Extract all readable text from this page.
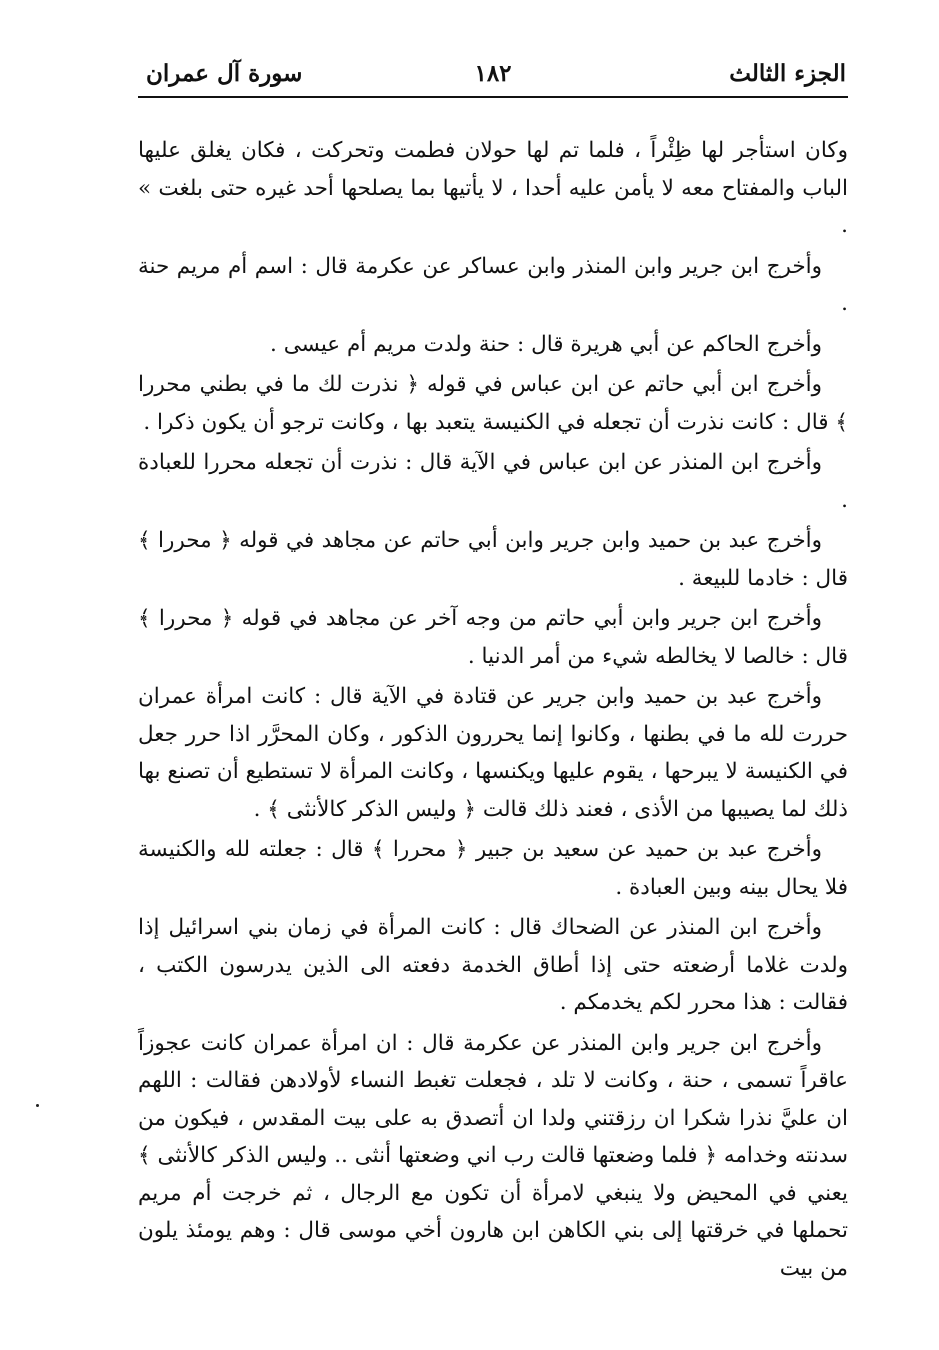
الجزء الثالث
١٨٢
سورة آل عمران

وكان استأجر لها ظِئْراً ، فلما تم لها حولان فطمت وتحركت ، فكان يغلق عليها الباب والمفتاح معه لا يأمن عليه أحدا ، لا يأتيها بما يصلحها أحد غيره حتى بلغت » .

وأخرج ابن جرير وابن المنذر وابن عساكر عن عكرمة قال : اسم أم مريم حنة .

وأخرج الحاكم عن أبي هريرة قال : حنة ولدت مريم أم عيسى .

وأخرج ابن أبي حاتم عن ابن عباس في قوله ﴿ نذرت لك ما في بطني محررا ﴾ قال : كانت نذرت أن تجعله في الكنيسة يتعبد بها ، وكانت ترجو أن يكون ذكرا .

وأخرج ابن المنذر عن ابن عباس في الآية قال : نذرت أن تجعله محررا للعبادة .

وأخرج عبد بن حميد وابن جرير وابن أبي حاتم عن مجاهد في قوله ﴿ محررا ﴾ قال : خادما للبيعة .

وأخرج ابن جرير وابن أبي حاتم من وجه آخر عن مجاهد في قوله ﴿ محررا ﴾ قال : خالصا لا يخالطه شيء من أمر الدنيا .

وأخرج عبد بن حميد وابن جرير عن قتادة في الآية قال : كانت امرأة عمران حررت لله ما في بطنها ، وكانوا إنما يحررون الذكور ، وكان المحرَّر اذا حرر جعل في الكنيسة لا يبرحها ، يقوم عليها ويكنسها ، وكانت المرأة لا تستطيع أن تصنع بها ذلك لما يصيبها من الأذى ، فعند ذلك قالت ﴿ وليس الذكر كالأنثى ﴾ .

وأخرج عبد بن حميد عن سعيد بن جبير ﴿ محررا ﴾ قال : جعلته لله والكنيسة فلا يحال بينه وبين العبادة .

وأخرج ابن المنذر عن الضحاك قال : كانت المرأة في زمان بني اسرائيل إذا ولدت غلاما أرضعته حتى إذا أطاق الخدمة دفعته الى الذين يدرسون الكتب ، فقالت : هذا محرر لكم يخدمكم .

وأخرج ابن جرير وابن المنذر عن عكرمة قال : ان امرأة عمران كانت عجوزاً عاقراً تسمى ، حنة ، وكانت لا تلد ، فجعلت تغبط النساء لأولادهن فقالت : اللهم ان عليَّ نذرا شكرا ان رزقتني ولدا ان أتصدق به على بيت المقدس ، فيكون من سدنته وخدامه ﴿ فلما وضعتها قالت رب اني وضعتها أنثى .. وليس الذكر كالأنثى ﴾ يعني في المحيض ولا ينبغي لامرأة أن تكون مع الرجال ، ثم خرجت أم مريم تحملها في خرقتها إلى بني الكاهن ابن هارون أخي موسى قال : وهم يومئذ يلون من بيت
